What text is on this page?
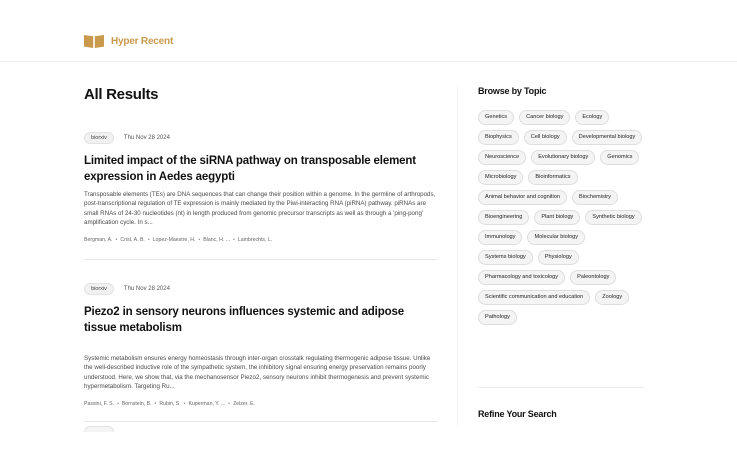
Hyper Recent
All Results
biorxiv	Thu Nov 28 2024
Limited impact of the siRNA pathway on transposable element expression in Aedes aegypti
Transposable elements (TEs) are DNA sequences that can change their position within a genome. In the germline of arthropods, post-transcriptional regulation of TE expression is mainly mediated by the Piwi-interacting RNA (piRNA) pathway. piRNAs are small RNAs of 24-30 nucleotides (nt) in length produced from genomic precursor transcripts as well as through a 'ping-pong' amplification cycle. In s...
Bergman, A. • Crist, A. B. • Lopez-Maestre, H. • Blanc, H. ... • Lambrechts, L.
biorxiv	Thu Nov 28 2024
Piezo2 in sensory neurons influences systemic and adipose tissue metabolism
Systemic metabolism ensures energy homeostasis through inter-organ crosstalk regulating thermogenic adipose tissue. Unlike the well-described inductive role of the sympathetic system, the inhibitory signal ensuring energy preservation remains poorly understood. Here, we show that, via the mechanosensor Piezo2, sensory neurons inhibit thermogenesis and prevent systemic hypermetabolism. Targeting Ru...
Passini, F. S. • Bornstein, B. • Rubin, S. • Kuperman, Y. ... • Zelzer, E.
Browse by Topic
Genetics	Cancer biology	Ecology
Biophysics	Cell biology	Developmental biology
Neuroscience	Evolutionary biology	Genomics
Microbiology	Bioinformatics
Animal behavior and cognition	Biochemistry
Bioengineering	Plant biology	Synthetic biology
Immunology	Molecular biology
Systems biology	Physiology
Pharmacology and toxicology	Paleontology
Scientific communication and education	Zoology
Pathology
Refine Your Search
